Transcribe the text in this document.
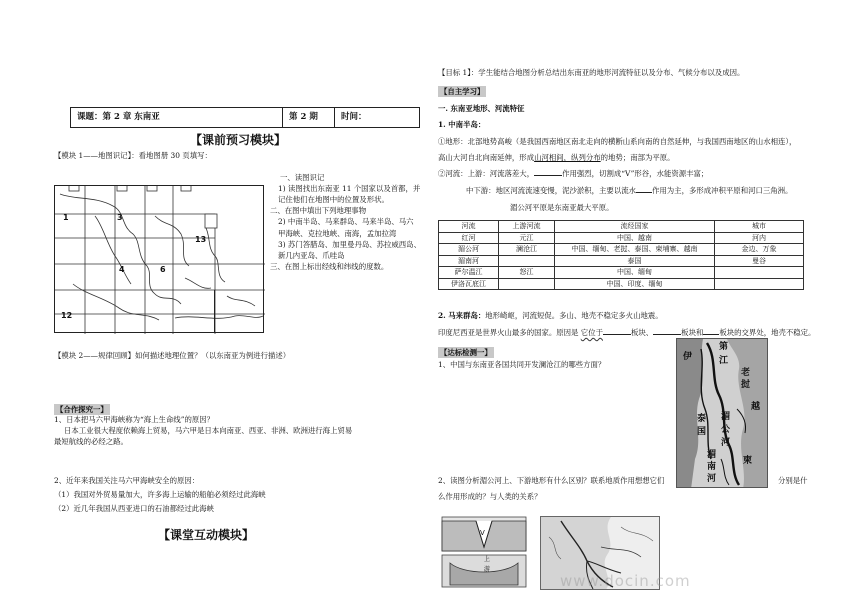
课题：第 2 章 东南亚	第 2 期	时间：
【课前预习模块】
【模块 1——地图识记】：看地图册 30 页填写：
1	3
4	6
13
12
一、读图识记
1) 读图找出东南亚 11 个国家以及首都，并
记住他们在地图中的位置及形状。
二、在图中填出下列地理事物
2) 中南半岛、马来群岛、马来半岛、马六
甲海峡、克拉地峡、南海，孟加拉湾
3) 苏门答腊岛、加里曼丹岛、苏拉威西岛、
新几内亚岛、爪哇岛
三、在图上标出经线和纬线的度数。
【模块 2——规律回顾】如何描述地理位置？（以东南亚为例进行描述）
【合作探究一】
1、日本把马六甲海峡称为“海上生命线”的原因？
日本工业很大程度依赖海上贸易，马六甲是日本向南亚、西亚、非洲、欧洲进行海上贸易
最短航线的必经之路。
2、近年来我国关注马六甲海峡安全的原因：
（1）我国对外贸易量加大，许多海上运输的船舶必须经过此海峡
（2）近几年我国从西亚进口的石油都经过此海峡
【课堂互动模块】
【目标 1】：学生能结合地图分析总结出东南亚的地形河流特征以及分布、气候分布以及成因。
【自主学习】
一. 东南亚地形、河流特征
1. 中南半岛：
①地形：北部地势高峻（是我国西南地区南北走向的横断山系向南的自然延伸，与我国西南地区的山水相连），
高山大河自北向南延伸，形成山河相间，纵列分布的地势；南部为平原。
②河流：上游：河流落差大，	作用强烈，切割成“V”形谷，水能资源丰富；
中下游：地区河流流速变慢，泥沙淤积，主要以流水 作用为主，多形成冲积平原和河口三角洲。
湄公河平原是东南亚最大平原。
河流	上游河流	流经国家	城市
红河	元江	中国、越南	河内
湄公河	澜沧江	中国、缅甸、老挝、泰国、柬埔寨、越南	金边、万象
湄南河		泰国	曼谷
萨尔温江	怒江	中国、缅甸	
伊洛瓦底江		中国、印度、缅甸	
2. 马来群岛：地形崎岖，河流短促。多山、地壳不稳定多火山地震。
印度尼西亚是世界火山最多的国家。原因是 它位于	板块、	板块和 板块的交界处，地壳不稳定。
【达标检测一】
1、中国与东南亚各国共同开发澜沧江的哪些方面？
伊
第
江
老
挝
湄
公
河
泰
国
湄
南
河
越
柬
2、读图分析湄公河上、下游地形有什么区别？联系地质作用想想它们	分别是什
么作用形成的？与人类的关系？
V
上
游
www.docin.com
